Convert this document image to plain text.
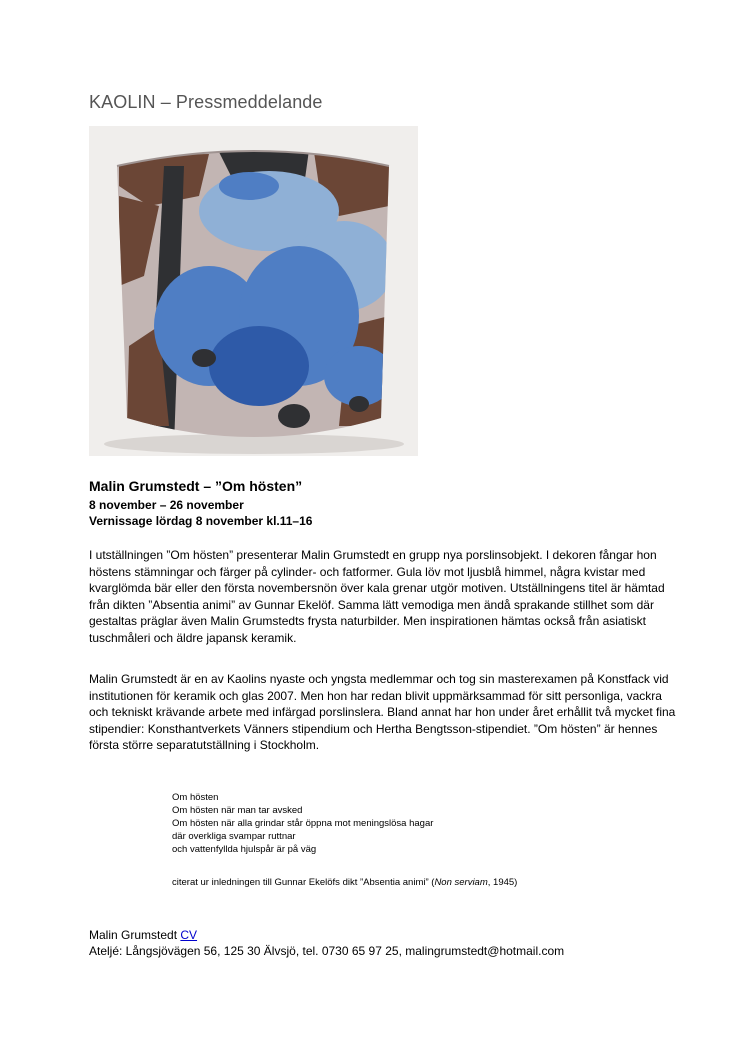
KAOLIN – Pressmeddelande
Malin Grumstedt – ”Om hösten”
8 november – 26 november
Vernissage lördag 8 november kl.11–16

I utställningen ”Om hösten” presenterar Malin Grumstedt en grupp nya porslinsobjekt. I dekoren fångar hon höstens stämningar och färger på cylinder- och fatformer. Gula löv mot ljusblå himmel, några kvistar med kvarglömda bär eller den första novembersnön över kala grenar utgör motiven. Utställningens titel är hämtad från dikten ”Absentia animi” av Gunnar Ekelöf. Samma lätt vemodiga men ändå sprakande stillhet som där gestaltas präglar även Malin Grumstedts frysta naturbilder. Men inspirationen hämtas också från asiatiskt tuschmåleri och äldre japansk keramik.

Malin Grumstedt är en av Kaolins nyaste och yngsta medlemmar och tog sin masterexamen på Konstfack vid institutionen för keramik och glas 2007. Men hon har redan blivit uppmärksammad för sitt personliga, vackra och tekniskt krävande arbete med infärgad porslinslera. Bland annat har hon under året erhållit två mycket fina stipendier: Konsthantverkets Vänners stipendium och Hertha Bengtsson-stipendiet. ”Om hösten” är hennes första större separatutställning i Stockholm.

Om hösten
Om hösten när man tar avsked
Om hösten när alla grindar står öppna mot meningslösa hagar
där overkliga svampar ruttnar
och vattenfyllda hjulspår är på väg
citerat ur inledningen till Gunnar Ekelöfs dikt ”Absentia animi” (Non serviam, 1945)
Malin Grumstedt CV
Ateljé: Långsjövägen 56, 125 30 Älvsjö, tel. 0730 65 97 25, malingrumstedt@hotmail.com
